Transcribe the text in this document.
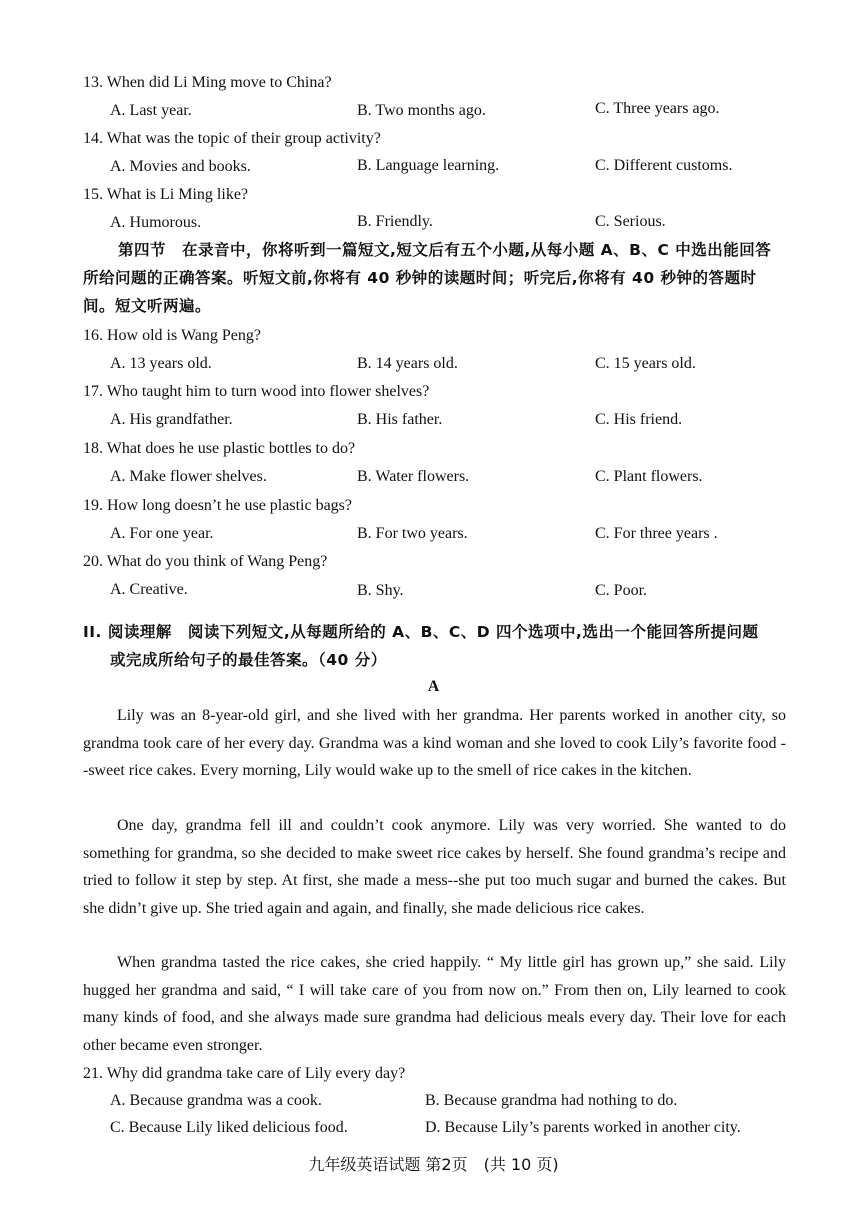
13. When did Li Ming move to China?
A. Last year.	B. Two months ago.	C. Three years ago.
14. What was the topic of their group activity?
A. Movies and books.	B. Language learning.	C. Different customs.
15. What is Li Ming like?
A. Humorous.	B. Friendly.	C. Serious.
第四节　在录音中，你将听到一篇短文,短文后有五个小题,从每小题 A、B、C 中选出能回答
所给问题的正确答案。听短文前,你将有 40 秒钟的读题时间；听完后,你将有 40 秒钟的答题时
间。短文听两遍。
16. How old is Wang Peng?
A. 13 years old.	B. 14 years old.	C. 15 years old.
17. Who taught him to turn wood into flower shelves?
A. His grandfather.	B. His father.	C. His friend.
18. What does he use plastic bottles to do?
A. Make flower shelves.	B. Water flowers.	C. Plant flowers.
19. How long doesn’t he use plastic bags?
A. For one year.	B. For two years.	C. For three years .
20. What do you think of Wang Peng?
A. Creative.	B. Shy.	C. Poor.
II. 阅读理解　阅读下列短文,从每题所给的 A、B、C、D 四个选项中,选出一个能回答所提问题
或完成所给句子的最佳答案。（40 分）
A
Lily was an 8-year-old girl, and she lived with her grandma. Her parents worked in another city, so grandma took care of her every day. Grandma was a kind woman and she loved to cook Lily’s favorite food --sweet rice cakes. Every morning, Lily would wake up to the smell of rice cakes in the kitchen.
One day, grandma fell ill and couldn’t cook anymore. Lily was very worried. She wanted to do something for grandma, so she decided to make sweet rice cakes by herself. She found grandma’s recipe and tried to follow it step by step. At first, she made a mess--she put too much sugar and burned the cakes. But she didn’t give up. She tried again and again, and finally, she made delicious rice cakes.
When grandma tasted the rice cakes, she cried happily. “ My little girl has grown up,” she said. Lily hugged her grandma and said, “ I will take care of you from now on.” From then on, Lily learned to cook many kinds of food, and she always made sure grandma had delicious meals every day. Their love for each other became even stronger.
21. Why did grandma take care of Lily every day?
A. Because grandma was a cook.	B. Because grandma had nothing to do.
C. Because Lily liked delicious food.	D. Because Lily’s parents worked in another city.
九年级英语试题 第2页　(共 10 页)
